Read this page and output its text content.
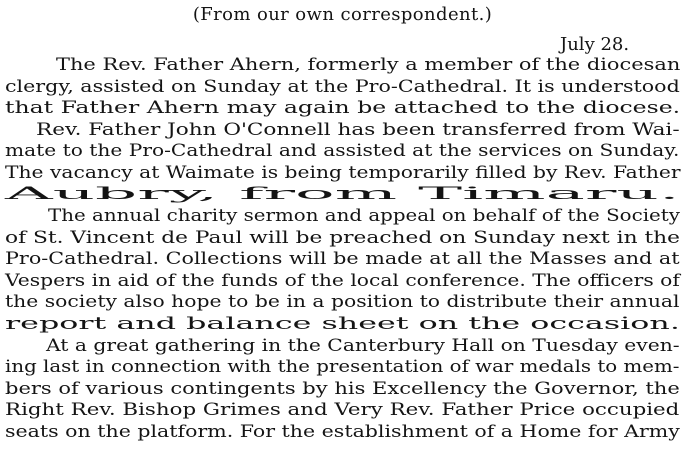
(From our own correspondent.)
July 28.
The Rev. Father Ahern, formerly a member of the diocesan
clergy, assisted on Sunday at the Pro-Cathedral. It is understood
that Father Ahern may again be attached to the diocese.
Rev. Father John O'Connell has been transferred from Wai-
mate to the Pro-Cathedral and assisted at the services on Sunday.
The vacancy at Waimate is being temporarily filled by Rev. Father
Aubry, from Timaru.
The annual charity sermon and appeal on behalf of the Society
of St. Vincent de Paul will be preached on Sunday next in the
Pro-Cathedral. Collections will be made at all the Masses and at
Vespers in aid of the funds of the local conference. The officers of
the society also hope to be in a position to distribute their annual
report and balance sheet on the occasion.
At a great gathering in the Canterbury Hall on Tuesday even-
ing last in connection with the presentation of war medals to mem-
bers of various contingents by his Excellency the Governor, the
Right Rev. Bishop Grimes and Very Rev. Father Price occupied
seats on the platform. For the establishment of a Home for Army
